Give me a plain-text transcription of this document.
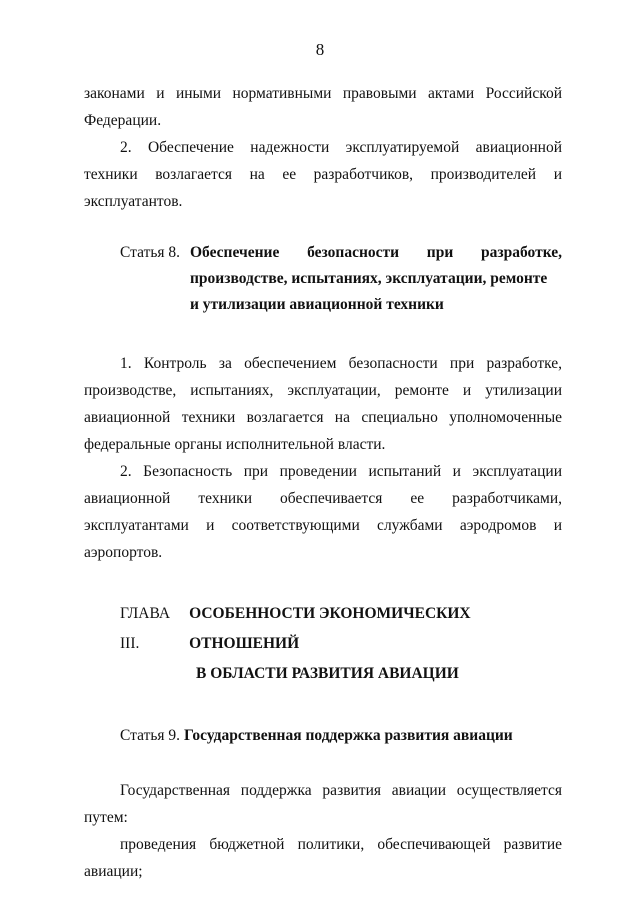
8

законами и иными нормативными правовыми актами Российской Федерации.

2. Обеспечение надежности эксплуатируемой авиационной техники возлагается на ее разработчиков, производителей и эксплуатантов.

Статья 8. Обеспечение безопасности при разработке,
производстве, испытаниях, эксплуатации, ремонте
и утилизации авиационной техники

1. Контроль за обеспечением безопасности при разработке, производстве, испытаниях, эксплуатации, ремонте и утилизации авиационной техники возлагается на специально уполномоченные федеральные органы исполнительной власти.

2. Безопасность при проведении испытаний и эксплуатации авиационной техники обеспечивается ее разработчиками, эксплуатантами и соответствующими службами аэродромов и аэропортов.

ГЛАВА III.
ОСОБЕННОСТИ ЭКОНОМИЧЕСКИХ ОТНОШЕНИЙ
В ОБЛАСТИ РАЗВИТИЯ АВИАЦИИ
Статья 9. Государственная поддержка развития авиации

Государственная поддержка развития авиации осуществляется путем:

проведения бюджетной политики, обеспечивающей развитие авиации;
